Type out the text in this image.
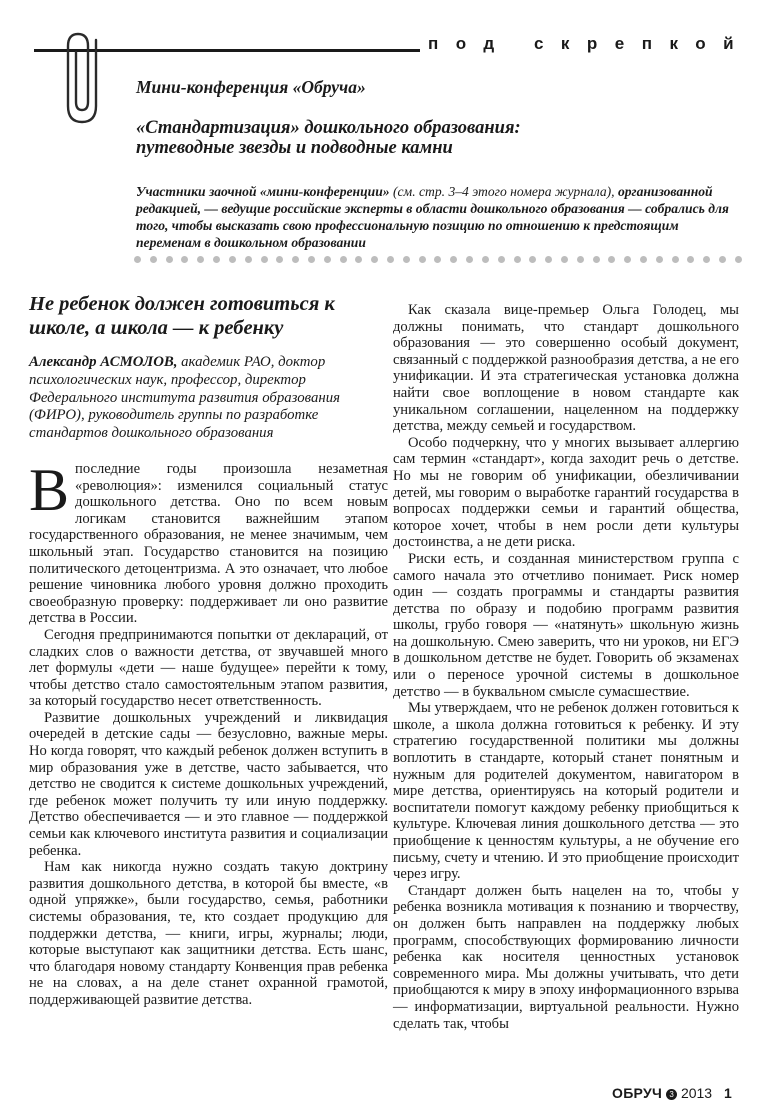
под скрепкой

Мини-конференция «Обруча»

«Стандартизация» дошкольного образования:
путеводные звезды и подводные камни

Участники заочной «мини-конференции» (см. стр. 3–4 этого номера журнала), организованной редакцией, — ведущие российские эксперты в области дошкольного образования — собрались для того, чтобы высказать свою профессиональную позицию по отношению к предстоящим переменам в дошкольном образовании

Не ребенок должен готовиться к школе, а школа — к ребенку

Александр АСМОЛОВ, академик РАО, доктор психологических наук, профессор, директор Федерального института развития образования (ФИРО), руководитель группы по разработке стандартов дошкольного образования

Впоследние годы произошла незаметная «революция»: изменился социальный статус дошкольного детства. Оно по всем новым логикам становится важнейшим этапом государственного образования, не менее значимым, чем школьный этап. Государство становится на позицию политического детоцентризма. А это означает, что любое решение чиновника любого уровня должно проходить своеобразную проверку: поддерживает ли оно развитие детства в России.

Сегодня предпринимаются попытки от деклараций, от сладких слов о важности детства, от звучавшей много лет формулы «дети — наше будущее» перейти к тому, чтобы детство стало самостоятельным этапом развития, за который государство несет ответственность.

Развитие дошкольных учреждений и ликвидация очередей в детские сады — безусловно, важные меры. Но когда говорят, что каждый ребенок должен вступить в мир образования уже в детстве, часто забывается, что детство не сводится к системе дошкольных учреждений, где ребенок может получить ту или иную поддержку. Детство обеспечивается — и это главное — поддержкой семьи как ключевого института развития и социализации ребенка.

Нам как никогда нужно создать такую доктрину развития дошкольного детства, в которой бы вместе, «в одной упряжке», были государство, семья, работники системы образования, те, кто создает продукцию для поддержки детства, — книги, игры, журналы; люди, которые выступают как защитники детства. Есть шанс, что благодаря новому стандарту Конвенция прав ребенка не на словах, а на деле станет охранной грамотой, поддерживающей развитие детства.

Как сказала вице-премьер Ольга Голодец, мы должны понимать, что стандарт дошкольного образования — это совершенно особый документ, связанный с поддержкой разнообразия детства, а не его унификации. И эта стратегическая установка должна найти свое воплощение в новом стандарте как уникальном соглашении, нацеленном на поддержку детства, между семьей и государством.

Особо подчеркну, что у многих вызывает аллергию сам термин «стандарт», когда заходит речь о детстве. Но мы не говорим об унификации, обезличивании детей, мы говорим о выработке гарантий государства в вопросах поддержки семьи и гарантий общества, которое хочет, чтобы в нем росли дети культуры достоинства, а не дети риска.

Риски есть, и созданная министерством группа с самого начала это отчетливо понимает. Риск номер один — создать программы и стандарты развития детства по образу и подобию программ развития школы, грубо говоря — «натянуть» школьную жизнь на дошкольную. Смею заверить, что ни уроков, ни ЕГЭ в дошкольном детстве не будет. Говорить об экзаменах или о переносе урочной системы в дошкольное детство — в буквальном смысле сумасшествие.

Мы утверждаем, что не ребенок должен готовиться к школе, а школа должна готовиться к ребенку. И эту стратегию государственной политики мы должны воплотить в стандарте, который станет понятным и нужным для родителей документом, навигатором в мире детства, ориентируясь на который родители и воспитатели помогут каждому ребенку приобщиться к культуре. Ключевая линия дошкольного детства — это приобщение к ценностям культуры, а не обучение его письму, счету и чтению. И это приобщение происходит через игру.

Стандарт должен быть нацелен на то, чтобы у ребенка возникла мотивация к познанию и творчеству, он должен быть направлен на поддержку любых программ, способствующих формированию личности ребенка как носителя ценностных установок современного мира. Мы должны учитывать, что дети приобщаются к миру в эпоху информационного взрыва — информатизации, виртуальной реальности. Нужно сделать так, чтобы

ОБРУЧ 3 2013 1
